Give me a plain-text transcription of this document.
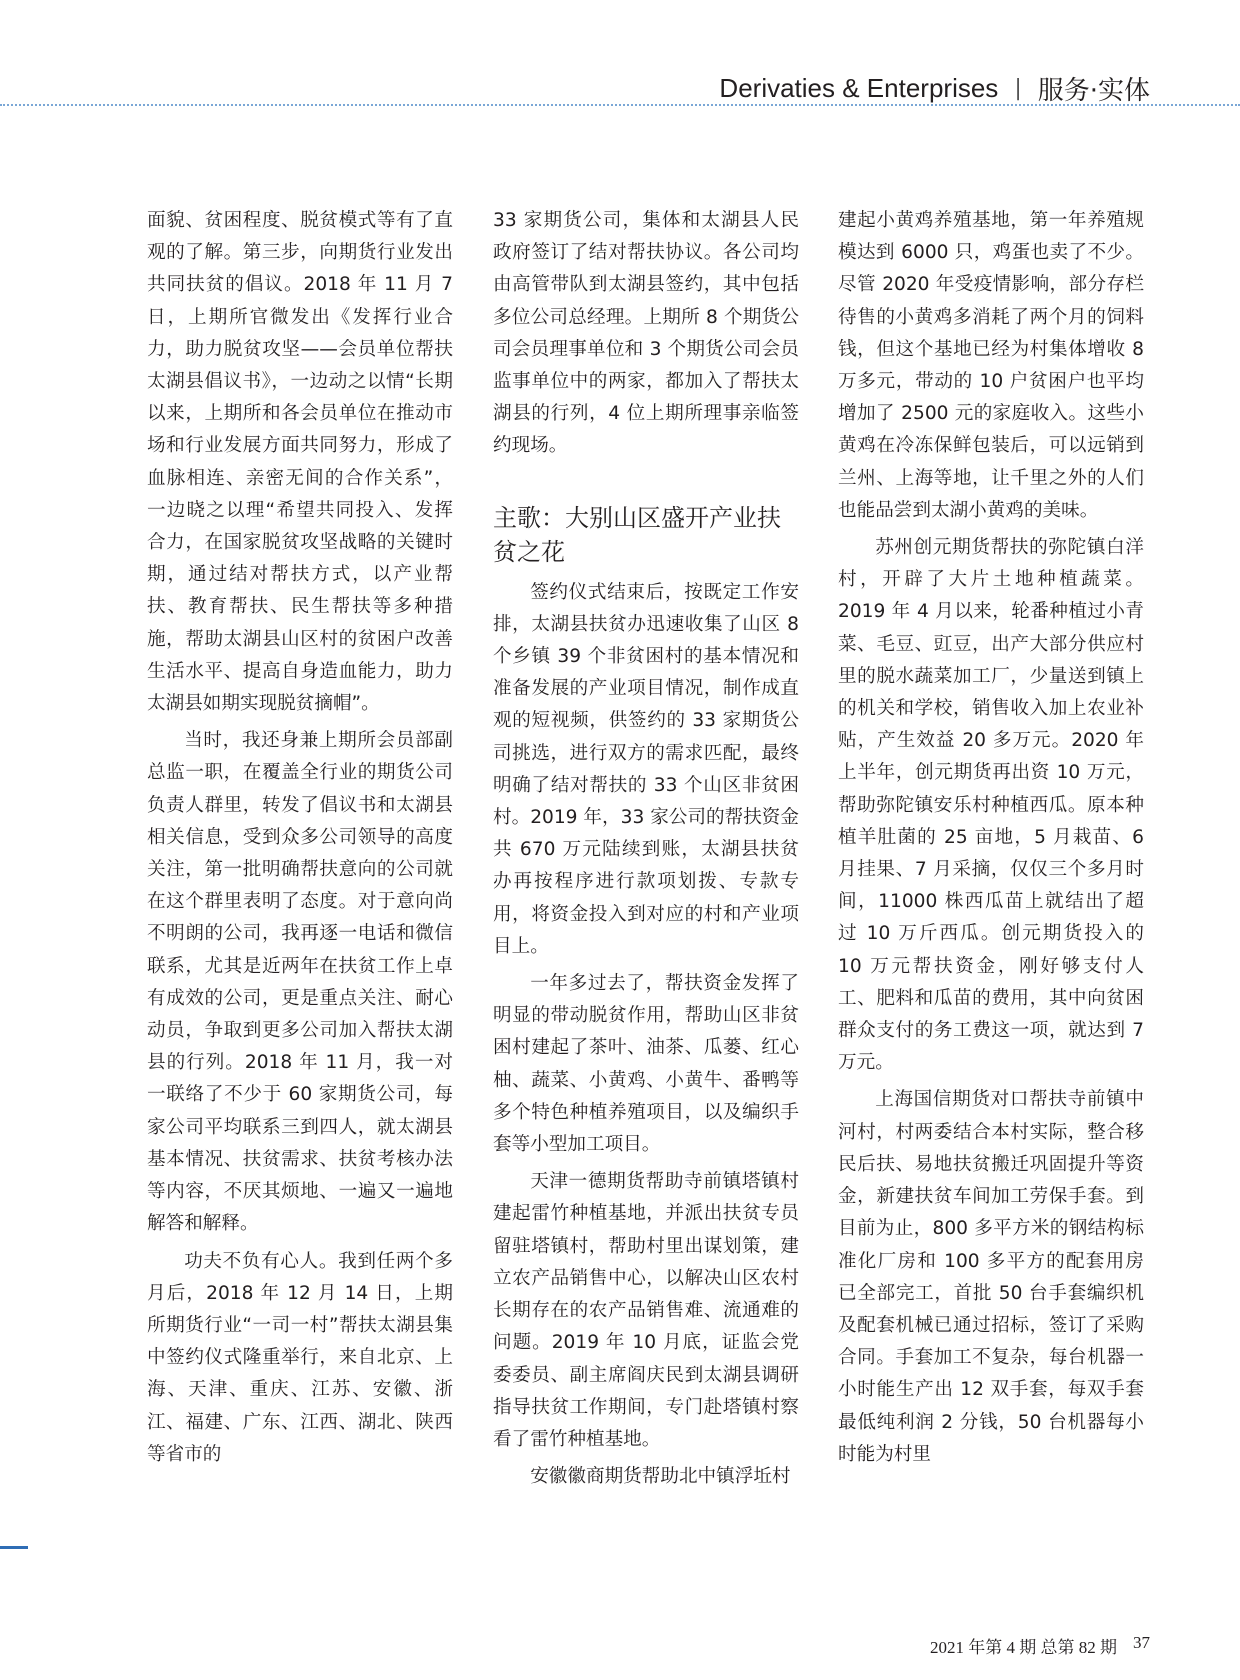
Derivaties & Enterprises | 服务·实体

面貌、贫困程度、脱贫模式等有了直观的了解。第三步，向期货行业发出共同扶贫的倡议。2018 年 11 月 7 日，上期所官微发出《发挥行业合力，助力脱贫攻坚——会员单位帮扶太湖县倡议书》，一边动之以情“长期以来，上期所和各会员单位在推动市场和行业发展方面共同努力，形成了血脉相连、亲密无间的合作关系”，一边晓之以理“希望共同投入、发挥合力，在国家脱贫攻坚战略的关键时期，通过结对帮扶方式，以产业帮扶、教育帮扶、民生帮扶等多种措施，帮助太湖县山区村的贫困户改善生活水平、提高自身造血能力，助力太湖县如期实现脱贫摘帽”。

当时，我还身兼上期所会员部副总监一职，在覆盖全行业的期货公司负责人群里，转发了倡议书和太湖县相关信息，受到众多公司领导的高度关注，第一批明确帮扶意向的公司就在这个群里表明了态度。对于意向尚不明朗的公司，我再逐一电话和微信联系，尤其是近两年在扶贫工作上卓有成效的公司，更是重点关注、耐心动员，争取到更多公司加入帮扶太湖县的行列。2018 年 11 月，我一对一联络了不少于 60 家期货公司，每家公司平均联系三到四人，就太湖县基本情况、扶贫需求、扶贫考核办法等内容，不厌其烦地、一遍又一遍地解答和解释。

功夫不负有心人。我到任两个多月后，2018 年 12 月 14 日，上期所期货行业“一司一村”帮扶太湖县集中签约仪式隆重举行，来自北京、上海、天津、重庆、江苏、安徽、浙江、福建、广东、江西、湖北、陕西等省市的

33 家期货公司，集体和太湖县人民政府签订了结对帮扶协议。各公司均由高管带队到太湖县签约，其中包括多位公司总经理。上期所 8 个期货公司会员理事单位和 3 个期货公司会员监事单位中的两家，都加入了帮扶太湖县的行列，4 位上期所理事亲临签约现场。

主歌：大别山区盛开产业扶贫之花

签约仪式结束后，按既定工作安排，太湖县扶贫办迅速收集了山区 8 个乡镇 39 个非贫困村的基本情况和准备发展的产业项目情况，制作成直观的短视频，供签约的 33 家期货公司挑选，进行双方的需求匹配，最终明确了结对帮扶的 33 个山区非贫困村。2019 年，33 家公司的帮扶资金共 670 万元陆续到账，太湖县扶贫办再按程序进行款项划拨、专款专用，将资金投入到对应的村和产业项目上。

一年多过去了，帮扶资金发挥了明显的带动脱贫作用，帮助山区非贫困村建起了茶叶、油茶、瓜蒌、红心柚、蔬菜、小黄鸡、小黄牛、番鸭等多个特色种植养殖项目，以及编织手套等小型加工项目。

天津一德期货帮助寺前镇塔镇村建起雷竹种植基地，并派出扶贫专员留驻塔镇村，帮助村里出谋划策，建立农产品销售中心，以解决山区农村长期存在的农产品销售难、流通难的问题。2019 年 10 月底，证监会党委委员、副主席阎庆民到太湖县调研指导扶贫工作期间，专门赴塔镇村察看了雷竹种植基地。

安徽徽商期货帮助北中镇浮坵村

建起小黄鸡养殖基地，第一年养殖规模达到 6000 只，鸡蛋也卖了不少。尽管 2020 年受疫情影响，部分存栏待售的小黄鸡多消耗了两个月的饲料钱，但这个基地已经为村集体增收 8 万多元，带动的 10 户贫困户也平均增加了 2500 元的家庭收入。这些小黄鸡在冷冻保鲜包装后，可以远销到兰州、上海等地，让千里之外的人们也能品尝到太湖小黄鸡的美味。

苏州创元期货帮扶的弥陀镇白洋村，开辟了大片土地种植蔬菜。2019 年 4 月以来，轮番种植过小青菜、毛豆、豇豆，出产大部分供应村里的脱水蔬菜加工厂，少量送到镇上的机关和学校，销售收入加上农业补贴，产生效益 20 多万元。2020 年上半年，创元期货再出资 10 万元，帮助弥陀镇安乐村种植西瓜。原本种植羊肚菌的 25 亩地，5 月栽苗、6 月挂果、7 月采摘，仅仅三个多月时间，11000 株西瓜苗上就结出了超过 10 万斤西瓜。创元期货投入的 10 万元帮扶资金，刚好够支付人工、肥料和瓜苗的费用，其中向贫困群众支付的务工费这一项，就达到 7 万元。

上海国信期货对口帮扶寺前镇中河村，村两委结合本村实际，整合移民后扶、易地扶贫搬迁巩固提升等资金，新建扶贫车间加工劳保手套。到目前为止，800 多平方米的钢结构标准化厂房和 100 多平方的配套用房已全部完工，首批 50 台手套编织机及配套机械已通过招标，签订了采购合同。手套加工不复杂，每台机器一小时能生产出 12 双手套，每双手套最低纯利润 2 分钱，50 台机器每小时能为村里

2021 年第 4 期 总第 82 期 37
